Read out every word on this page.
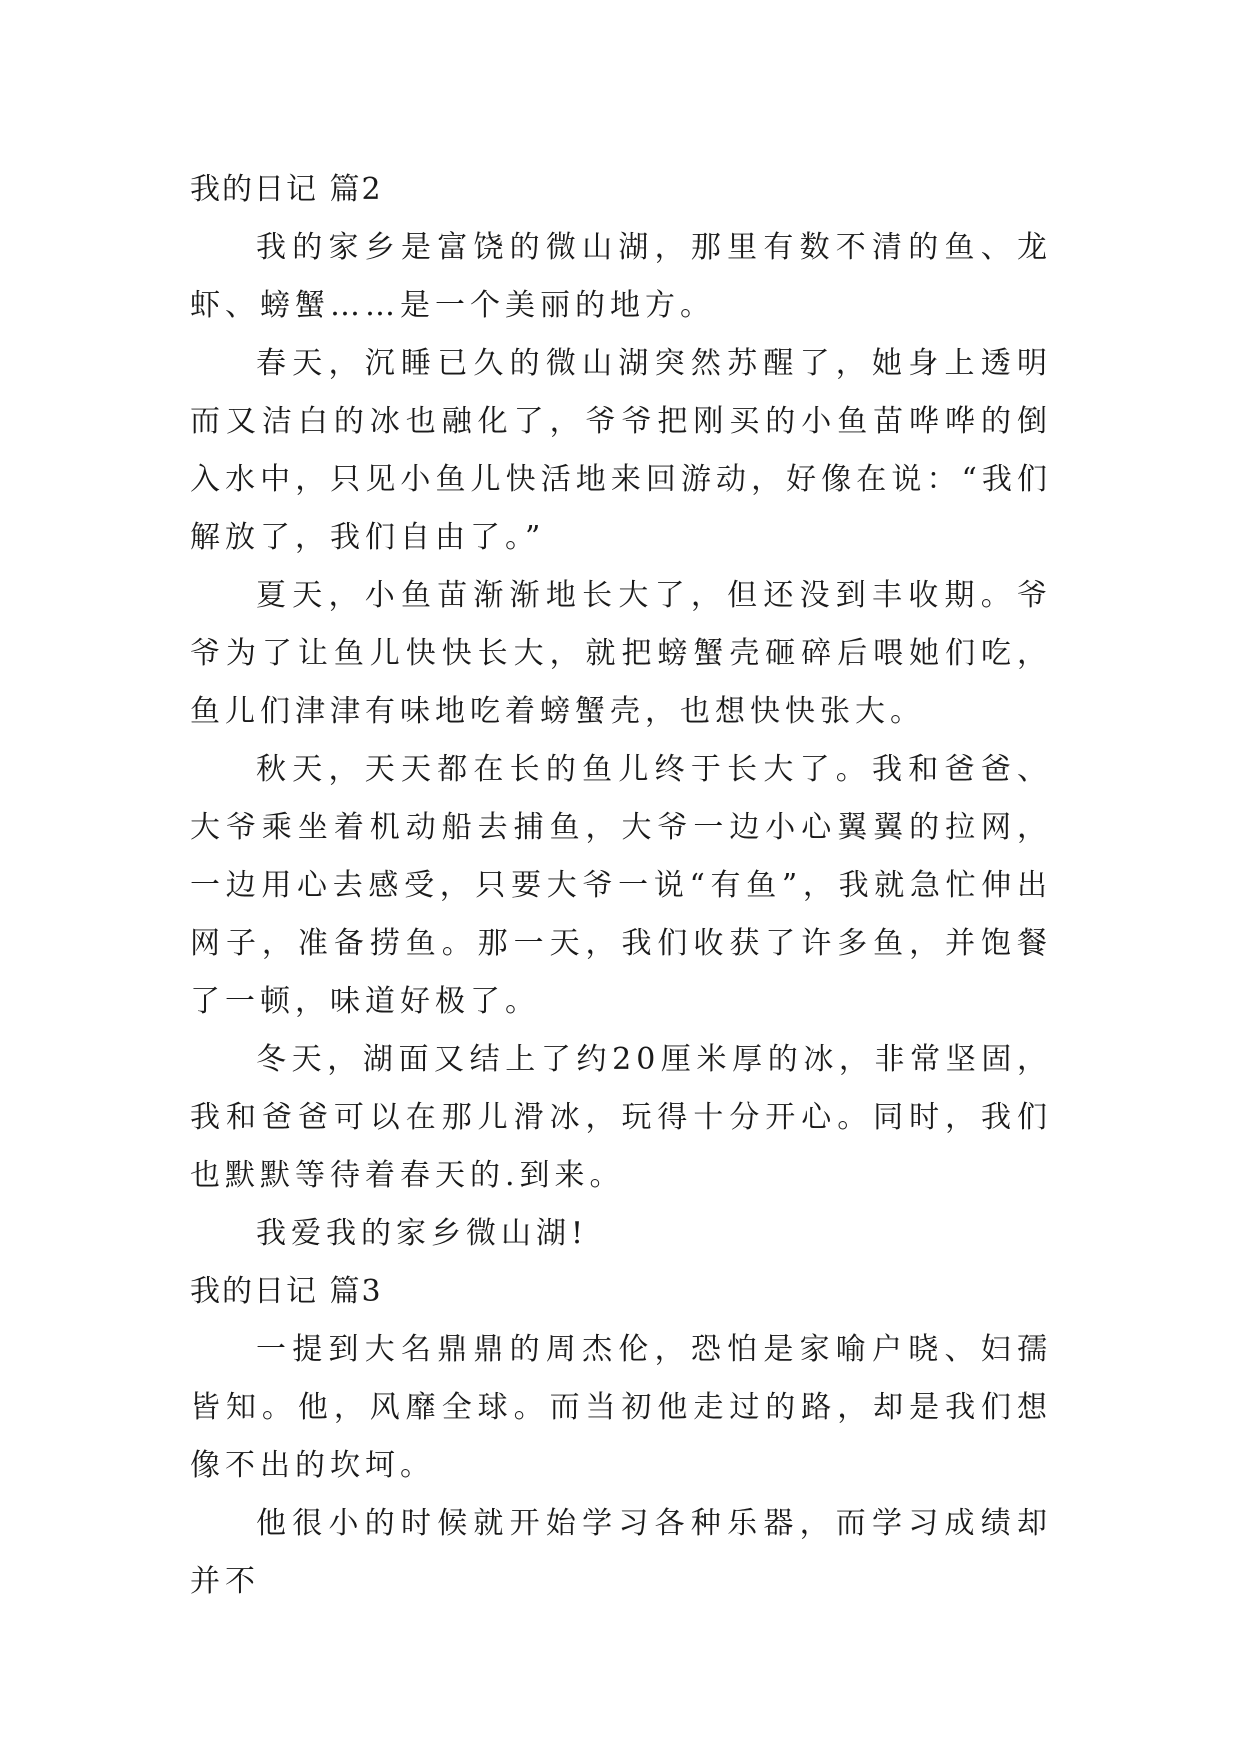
我的日记 篇2

我的家乡是富饶的微山湖，那里有数不清的鱼、龙虾、螃蟹……是一个美丽的地方。

春天，沉睡已久的微山湖突然苏醒了，她身上透明而又洁白的冰也融化了，爷爷把刚买的小鱼苗哗哗的倒入水中，只见小鱼儿快活地来回游动，好像在说：“我们解放了，我们自由了。”

夏天，小鱼苗渐渐地长大了，但还没到丰收期。爷爷为了让鱼儿快快长大，就把螃蟹壳砸碎后喂她们吃，鱼儿们津津有味地吃着螃蟹壳，也想快快张大。

秋天，天天都在长的鱼儿终于长大了。我和爸爸、大爷乘坐着机动船去捕鱼，大爷一边小心翼翼的拉网，一边用心去感受，只要大爷一说“有鱼”，我就急忙伸出网子，准备捞鱼。那一天，我们收获了许多鱼，并饱餐了一顿，味道好极了。

冬天，湖面又结上了约20厘米厚的冰，非常坚固，我和爸爸可以在那儿滑冰，玩得十分开心。同时，我们也默默等待着春天的.到来。

我爱我的家乡微山湖!

我的日记 篇3

一提到大名鼎鼎的周杰伦，恐怕是家喻户晓、妇孺皆知。他，风靡全球。而当初他走过的路，却是我们想像不出的坎坷。

他很小的时候就开始学习各种乐器，而学习成绩却并不
